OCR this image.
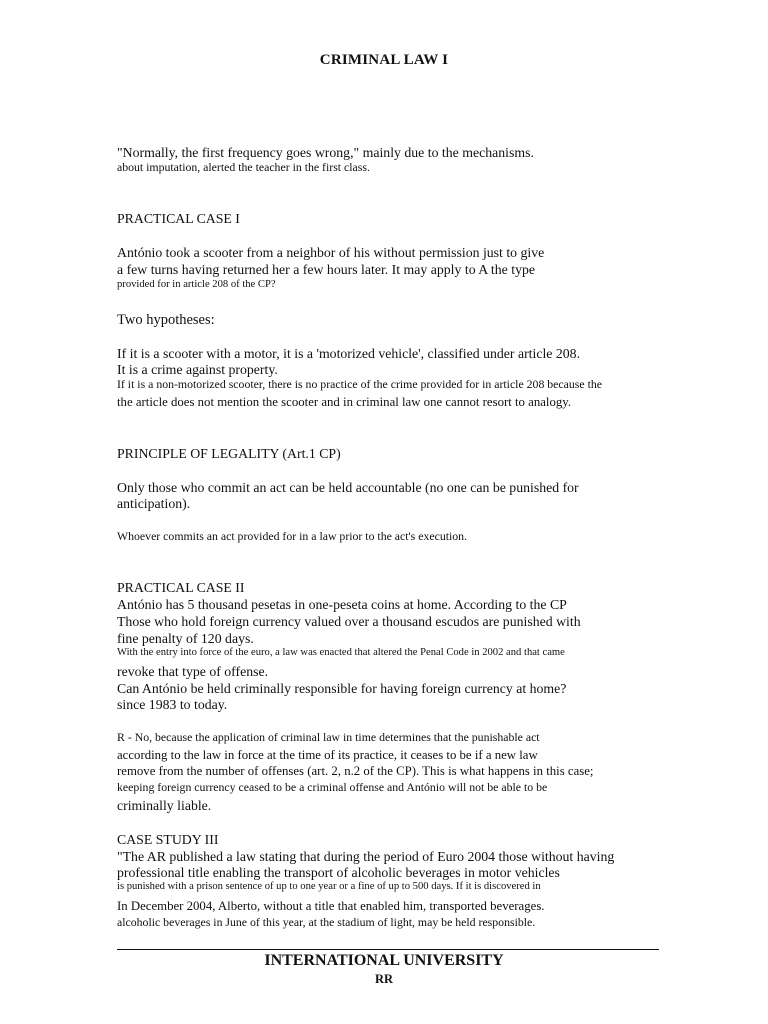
CRIMINAL LAW I
"Normally, the first frequency goes wrong," mainly due to the mechanisms.
about imputation, alerted the teacher in the first class.
PRACTICAL CASE I
António took a scooter from a neighbor of his without permission just to give
a few turns having returned her a few hours later. It may apply to A the type
provided for in article 208 of the CP?
Two hypotheses:
If it is a scooter with a motor, it is a 'motorized vehicle', classified under article 208.
It is a crime against property.
If it is a non-motorized scooter, there is no practice of the crime provided for in article 208 because the
the article does not mention the scooter and in criminal law one cannot resort to analogy.
PRINCIPLE OF LEGALITY (Art.1 CP)
Only those who commit an act can be held accountable (no one can be punished for
anticipation).
Whoever commits an act provided for in a law prior to the act's execution.
PRACTICAL CASE II
António has 5 thousand pesetas in one-peseta coins at home. According to the CP
Those who hold foreign currency valued over a thousand escudos are punished with
fine penalty of 120 days.
With the entry into force of the euro, a law was enacted that altered the Penal Code in 2002 and that came
revoke that type of offense.
Can António be held criminally responsible for having foreign currency at home?
since 1983 to today.
R - No, because the application of criminal law in time determines that the punishable act
according to the law in force at the time of its practice, it ceases to be if a new law
remove from the number of offenses (art. 2, n.2 of the CP). This is what happens in this case;
keeping foreign currency ceased to be a criminal offense and António will not be able to be
criminally liable.
CASE STUDY III
"The AR published a law stating that during the period of Euro 2004 those without having
professional title enabling the transport of alcoholic beverages in motor vehicles
is punished with a prison sentence of up to one year or a fine of up to 500 days. If it is discovered in
In December 2004, Alberto, without a title that enabled him, transported beverages.
alcoholic beverages in June of this year, at the stadium of light, may be held responsible.
INTERNATIONAL UNIVERSITY
RR
